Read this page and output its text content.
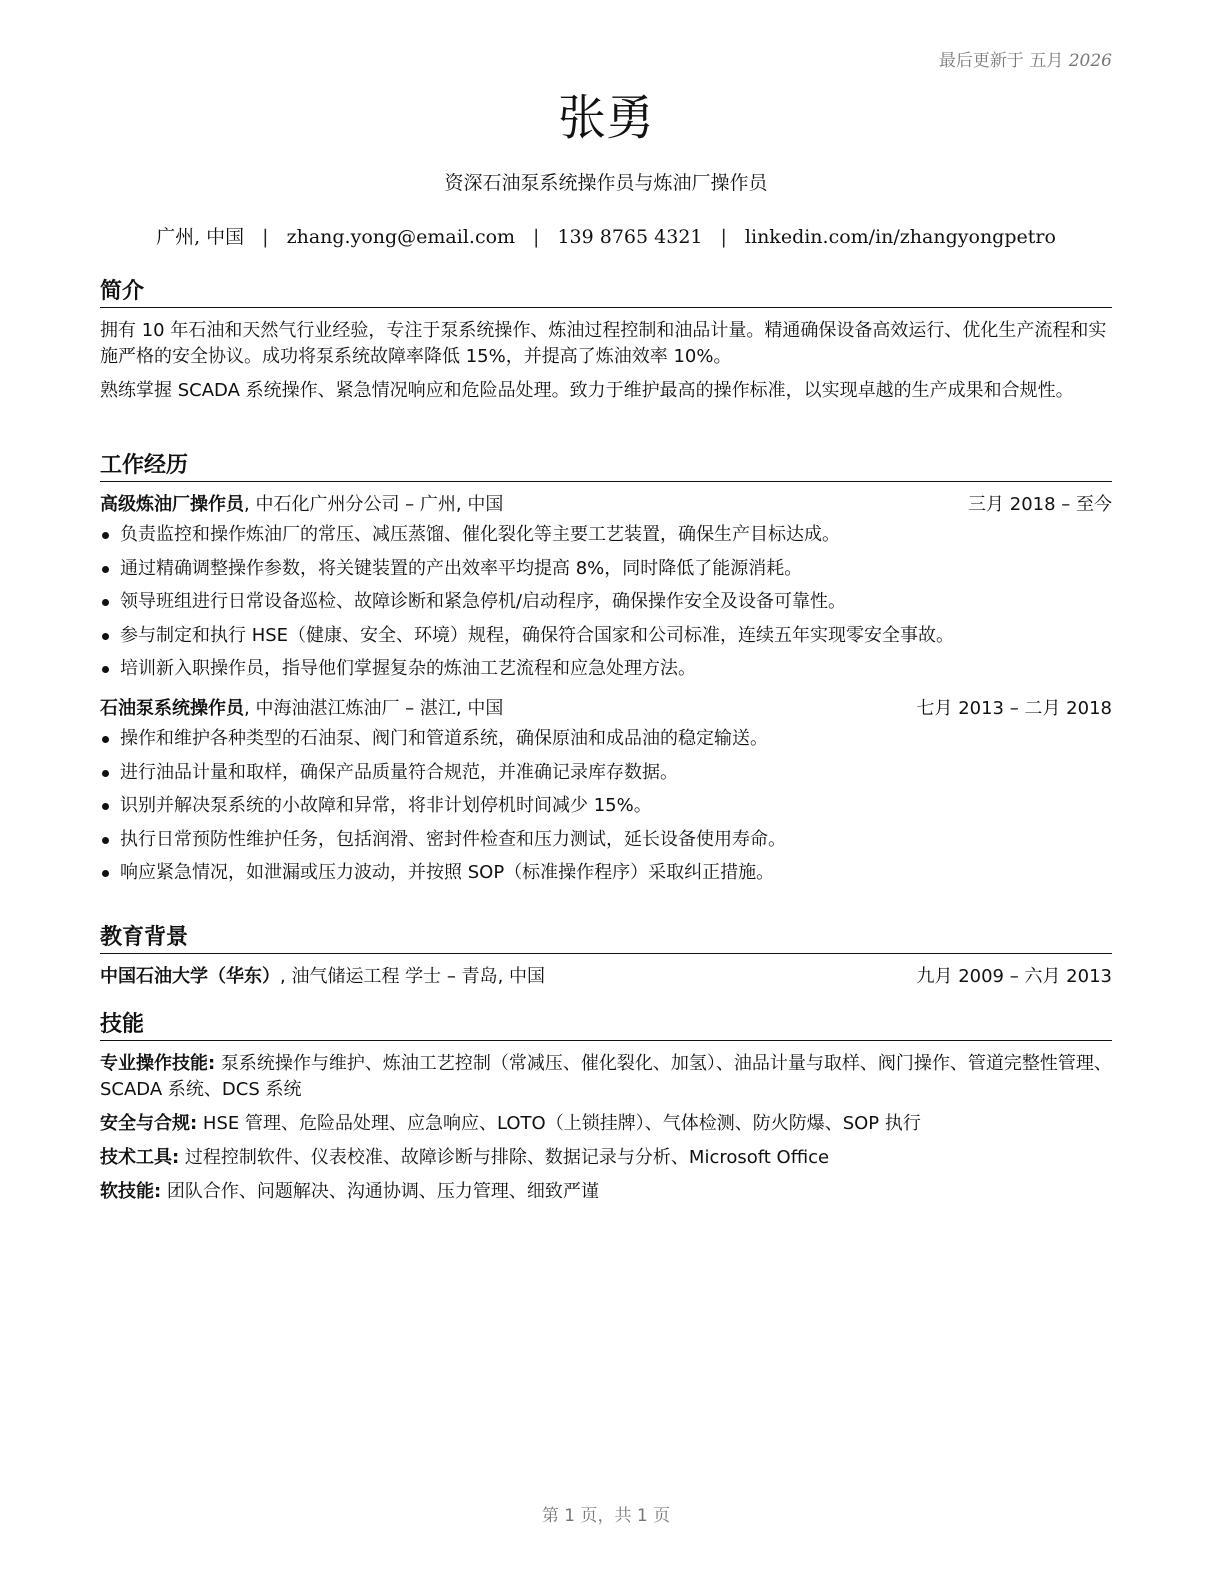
最后更新于 五月 2026
张勇
资深石油泵系统操作员与炼油厂操作员
广州, 中国 | zhang.yong@email.com | 139 8765 4321 | linkedin.com/in/zhangyongpetro
简介

拥有 10 年石油和天然气行业经验，专注于泵系统操作、炼油过程控制和油品计量。精通确保设备高效运行、优化生产流程和实施严格的安全协议。成功将泵系统故障率降低 15%，并提高了炼油效率 10%。

熟练掌握 SCADA 系统操作、紧急情况响应和危险品处理。致力于维护最高的操作标准，以实现卓越的生产成果和合规性。

工作经历
高级炼油厂操作员, 中石化广州分公司 – 广州, 中国	三月 2018 – 至今
负责监控和操作炼油厂的常压、减压蒸馏、催化裂化等主要工艺装置，确保生产目标达成。
通过精确调整操作参数，将关键装置的产出效率平均提高 8%，同时降低了能源消耗。
领导班组进行日常设备巡检、故障诊断和紧急停机/启动程序，确保操作安全及设备可靠性。
参与制定和执行 HSE（健康、安全、环境）规程，确保符合国家和公司标准，连续五年实现零安全事故。
培训新入职操作员，指导他们掌握复杂的炼油工艺流程和应急处理方法。
石油泵系统操作员, 中海油湛江炼油厂 – 湛江, 中国	七月 2013 – 二月 2018
操作和维护各种类型的石油泵、阀门和管道系统，确保原油和成品油的稳定输送。
进行油品计量和取样，确保产品质量符合规范，并准确记录库存数据。
识别并解决泵系统的小故障和异常，将非计划停机时间减少 15%。
执行日常预防性维护任务，包括润滑、密封件检查和压力测试，延长设备使用寿命。
响应紧急情况，如泄漏或压力波动，并按照 SOP（标准操作程序）采取纠正措施。
教育背景
中国石油大学（华东）, 油气储运工程 学士 – 青岛, 中国	九月 2009 – 六月 2013
技能
专业操作技能: 泵系统操作与维护、炼油工艺控制（常减压、催化裂化、加氢）、油品计量与取样、阀门操作、管道完整性管理、SCADA 系统、DCS 系统
安全与合规: HSE 管理、危险品处理、应急响应、LOTO（上锁挂牌）、气体检测、防火防爆、SOP 执行
技术工具: 过程控制软件、仪表校准、故障诊断与排除、数据记录与分析、Microsoft Office
软技能: 团队合作、问题解决、沟通协调、压力管理、细致严谨
第 1 页，共 1 页
